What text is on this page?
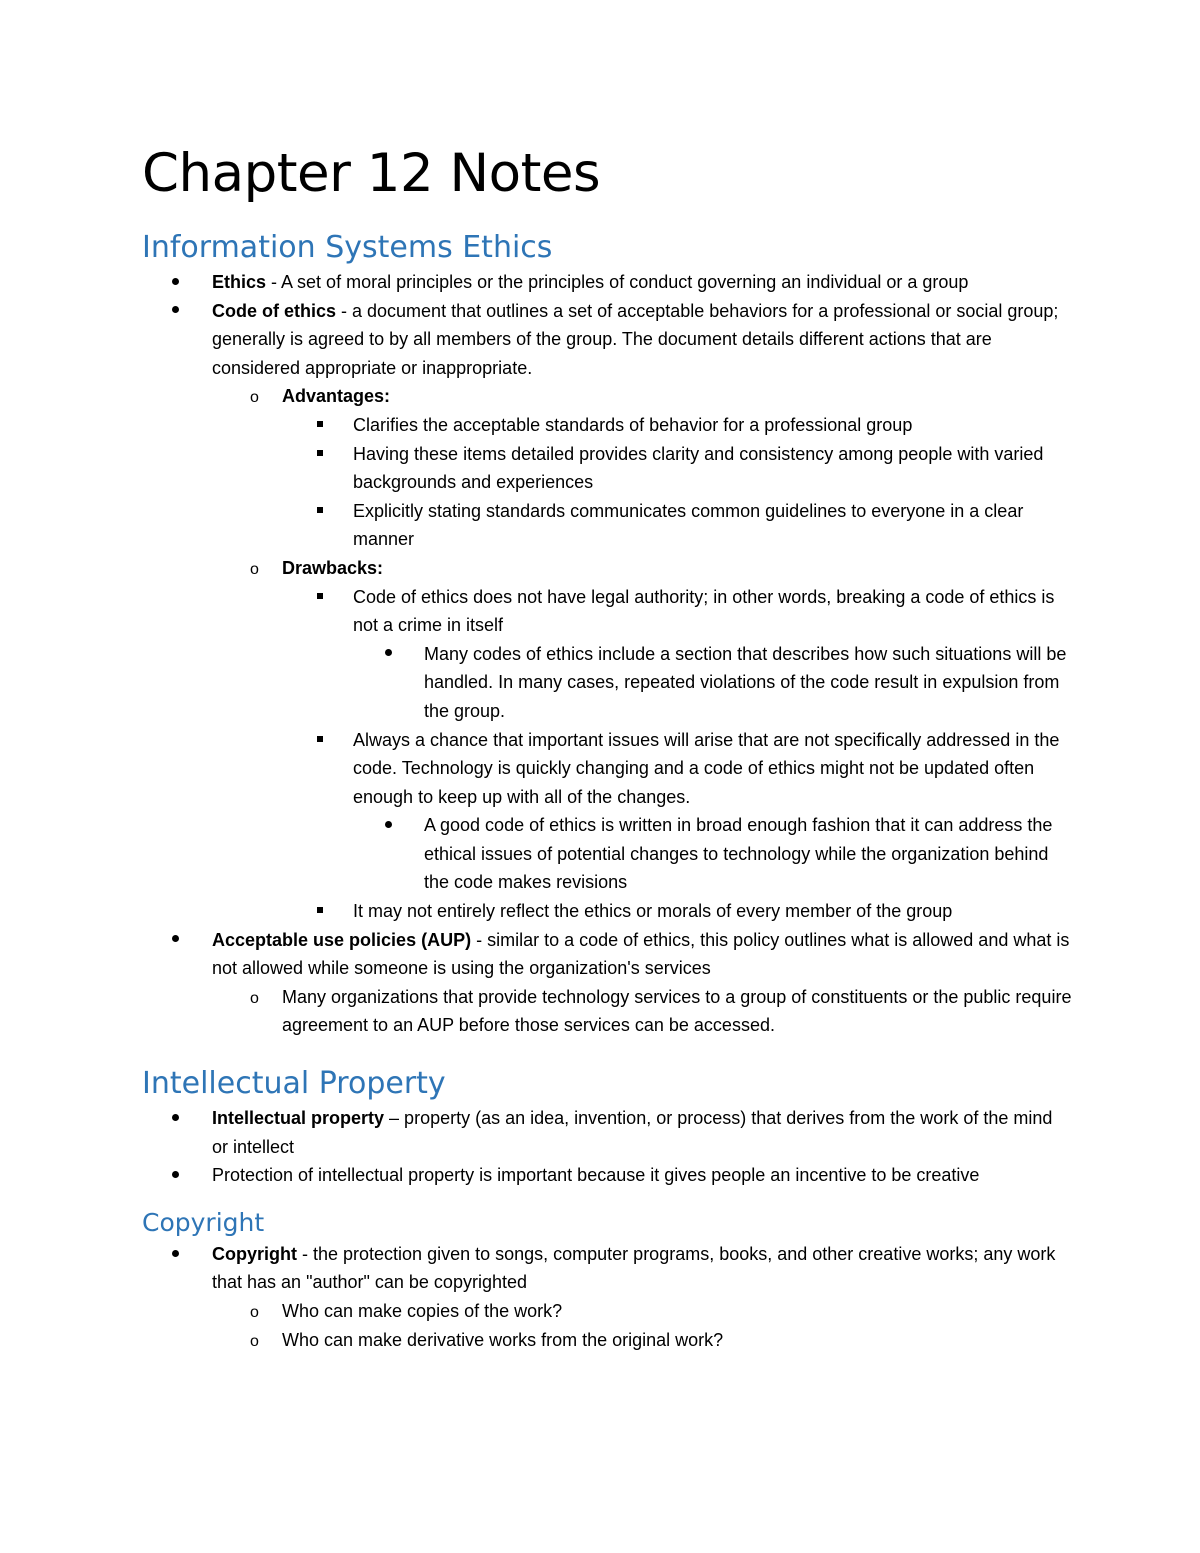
Chapter 12 Notes
Information Systems Ethics
Ethics - A set of moral principles or the principles of conduct governing an individual or a group
Code of ethics - a document that outlines a set of acceptable behaviors for a professional or social group; generally is agreed to by all members of the group. The document details different actions that are considered appropriate or inappropriate.
o
Advantages:
Clarifies the acceptable standards of behavior for a professional group
Having these items detailed provides clarity and consistency among people with varied backgrounds and experiences
Explicitly stating standards communicates common guidelines to everyone in a clear manner
o
Drawbacks:
Code of ethics does not have legal authority; in other words, breaking a code of ethics is not a crime in itself
Many codes of ethics include a section that describes how such situations will be handled. In many cases, repeated violations of the code result in expulsion from the group.
Always a chance that important issues will arise that are not specifically addressed in the code. Technology is quickly changing and a code of ethics might not be updated often enough to keep up with all of the changes.
A good code of ethics is written in broad enough fashion that it can address the ethical issues of potential changes to technology while the organization behind the code makes revisions
It may not entirely reflect the ethics or morals of every member of the group
Acceptable use policies (AUP) - similar to a code of ethics, this policy outlines what is allowed and what is not allowed while someone is using the organization's services
o
Many organizations that provide technology services to a group of constituents or the public require agreement to an AUP before those services can be accessed.
Intellectual Property
Intellectual property – property (as an idea, invention, or process) that derives from the work of the mind or intellect
Protection of intellectual property is important because it gives people an incentive to be creative
Copyright
Copyright - the protection given to songs, computer programs, books, and other creative works; any work that has an "author" can be copyrighted
o
Who can make copies of the work?
o
Who can make derivative works from the original work?
